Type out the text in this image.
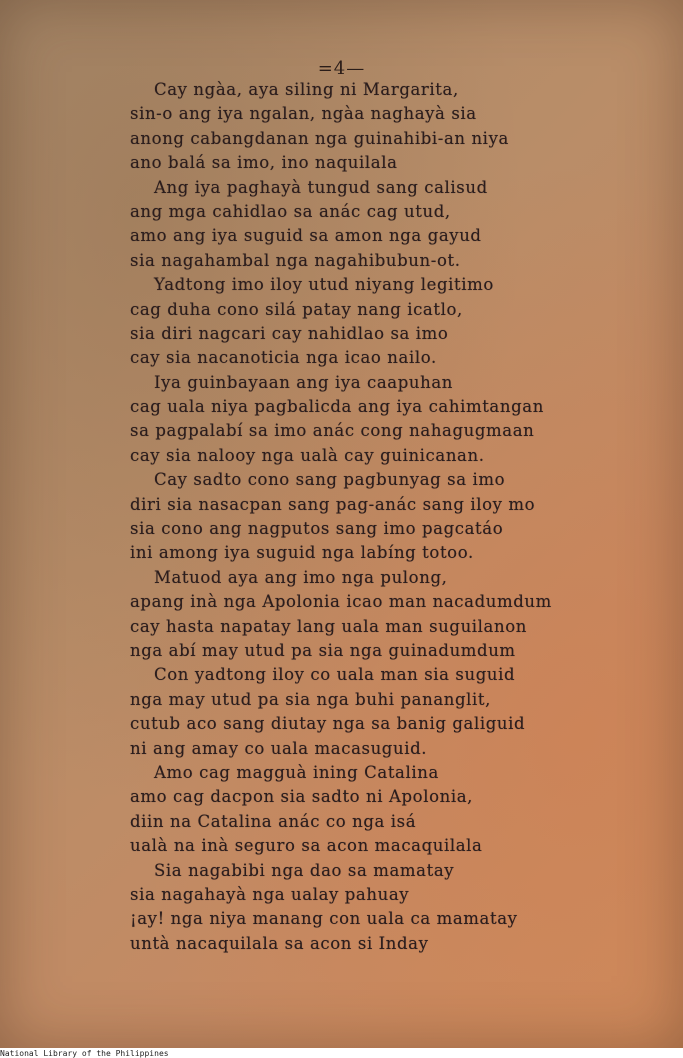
=4—
Cay ngàa, aya siling ni Margarita,
sin-o ang iya ngalan, ngàa naghayà sia
anong cabangdanan nga guinahibi-an niya
ano balá sa imo, ino naquilala
Ang iya paghayà tungud sang calisud
ang mga cahidlao sa anác cag utud,
amo ang iya suguid sa amon nga gayud
sia nagahambal nga nagahibubun-ot.
Yadtong imo iloy utud niyang legitimo
cag duha cono silá patay nang icatlo,
sia diri nagcari cay nahidlao sa imo
cay sia nacanoticia nga icao nailo.
Iya guinbayaan ang iya caapuhan
cag uala niya pagbalicda ang iya cahimtangan
sa pagpalabí sa imo anác cong nahagugmaan
cay sia nalooy nga ualà cay guinicanan.
Cay sadto cono sang pagbunyag sa imo
diri sia nasacpan sang pag-anác sang iloy mo
sia cono ang nagputos sang imo pagcatáo
ini among iya suguid nga labíng totoo.
Matuod aya ang imo nga pulong,
apang inà nga Apolonia icao man nacadumdum
cay hasta napatay lang uala man suguilanon
nga abí may utud pa sia nga guinadumdum
Con yadtong iloy co uala man sia suguid
nga may utud pa sia nga buhi pananglit,
cutub aco sang diutay nga sa banig galiguid
ni ang amay co uala macasuguid.
Amo cag magguà ining Catalina
amo cag dacpon sia sadto ni Apolonia,
diin na Catalina anác co nga isá
ualà na inà seguro sa acon macaquilala
Sia nagabibi nga dao sa mamatay
sia nagahayà nga ualay pahuay
¡ay! nga niya manang con uala ca mamatay
untà nacaquilala sa acon si Inday
National Library of the Philippines
